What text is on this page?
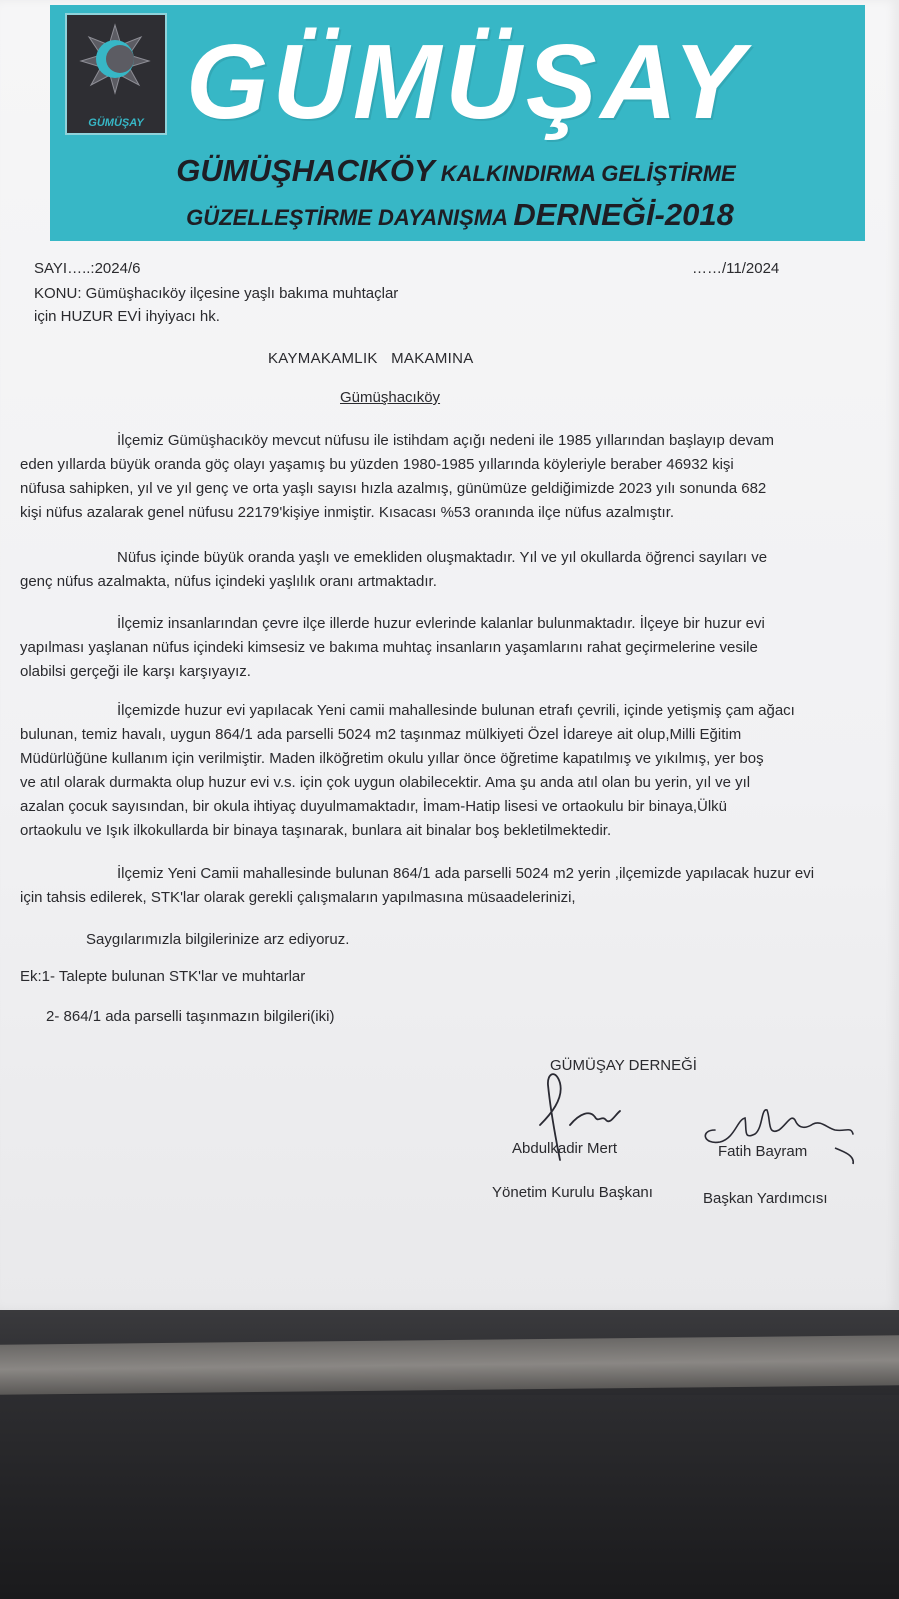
GÜMÜŞAY GÜMÜŞAY
GÜMÜŞHACIKÖY KALKINDIRMA GELİŞTİRME
GÜZELLEŞTİRME DAYANIŞMA DERNEĞİ-2018
SAYI…..:2024/6	……/11/2024
KONU: Gümüşhacıköy ilçesine yaşlı bakıma muhtaçlar
için HUZUR EVİ ihyiyacı hk.
KAYMAKAMLIK   MAKAMINA
Gümüşhacıköy
İlçemiz Gümüşhacıköy mevcut nüfusu ile istihdam açığı nedeni ile 1985 yıllarından başlayıp devam
eden yıllarda büyük oranda göç olayı yaşamış bu yüzden 1980-1985 yıllarında köyleriyle beraber 46932 kişi
nüfusa sahipken, yıl ve yıl genç ve orta yaşlı sayısı hızla azalmış, günümüze geldiğimizde 2023 yılı sonunda 682
kişi nüfus azalarak genel nüfusu 22179'kişiye inmiştir. Kısacası %53 oranında ilçe nüfus azalmıştır.
Nüfus içinde büyük oranda yaşlı ve emekliden oluşmaktadır. Yıl ve yıl okullarda öğrenci sayıları ve
genç nüfus azalmakta, nüfus içindeki yaşlılık oranı artmaktadır.
İlçemiz insanlarından çevre ilçe illerde huzur evlerinde kalanlar bulunmaktadır. İlçeye bir huzur evi
yapılması yaşlanan nüfus içindeki kimsesiz ve bakıma muhtaç insanların yaşamlarını rahat geçirmelerine vesile
olabilsi gerçeği ile karşı karşıyayız.
İlçemizde huzur evi yapılacak Yeni camii mahallesinde bulunan etrafı çevrili, içinde yetişmiş çam ağacı
bulunan, temiz havalı, uygun 864/1 ada parselli 5024 m2 taşınmaz mülkiyeti Özel İdareye ait olup,Milli Eğitim
Müdürlüğüne kullanım için verilmiştir. Maden ilköğretim okulu yıllar önce öğretime kapatılmış ve yıkılmış, yer boş
ve atıl olarak durmakta olup huzur evi v.s. için çok uygun olabilecektir. Ama şu anda atıl olan bu yerin, yıl ve yıl
azalan çocuk sayısından, bir okula ihtiyaç duyulmamaktadır, İmam-Hatip lisesi ve ortaokulu bir binaya,Ülkü
ortaokulu ve Işık ilkokullarda bir binaya taşınarak, bunlara ait binalar boş bekletilmektedir.
İlçemiz Yeni Camii mahallesinde bulunan 864/1 ada parselli 5024 m2 yerin ,ilçemizde yapılacak huzur evi
için tahsis edilerek, STK'lar olarak gerekli çalışmaların yapılmasına müsaadelerinizi,
Saygılarımızla bilgilerinize arz ediyoruz.
Ek:1- Talepte bulunan STK'lar ve muhtarlar
2- 864/1 ada parselli taşınmazın bilgileri(iki)
GÜMÜŞAY DERNEĞİ
Abdulkadir Mert	Fatih Bayram
Yönetim Kurulu Başkanı	Başkan Yardımcısı
